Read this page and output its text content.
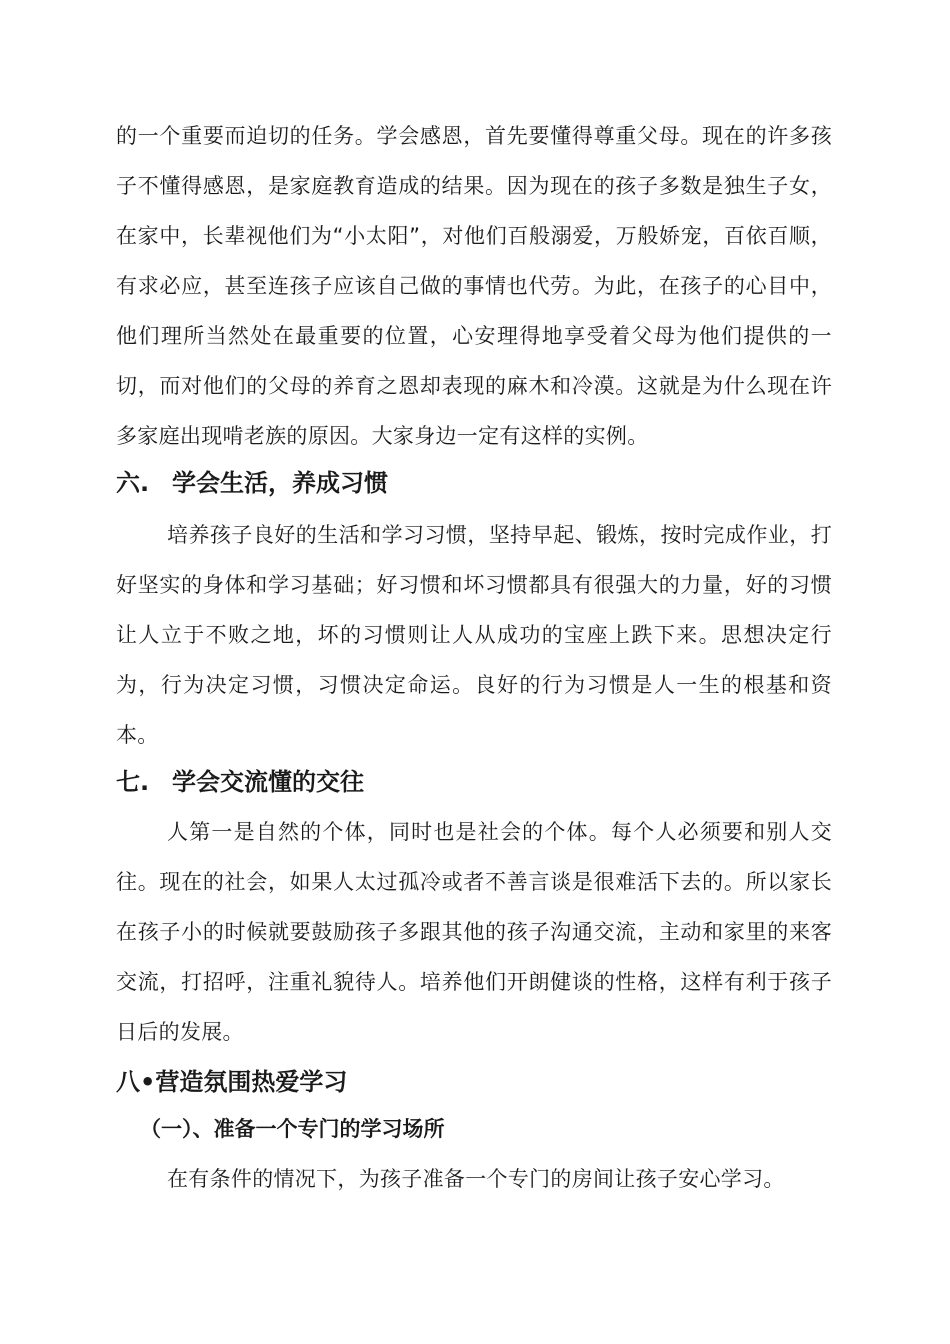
的一个重要而迫切的任务。学会感恩，首先要懂得尊重父母。现在的许多孩子不懂得感恩，是家庭教育造成的结果。因为现在的孩子多数是独生子女，在家中，长辈视他们为“小太阳”，对他们百般溺爱，万般娇宠，百依百顺，有求必应，甚至连孩子应该自己做的事情也代劳。为此，在孩子的心目中，他们理所当然处在最重要的位置，心安理得地享受着父母为他们提供的一切，而对他们的父母的养育之恩却表现的麻木和冷漠。这就是为什么现在许多家庭出现啃老族的原因。大家身边一定有这样的实例。

六. 学会生活，养成习惯

培养孩子良好的生活和学习习惯，坚持早起、锻炼，按时完成作业，打好坚实的身体和学习基础；好习惯和坏习惯都具有很强大的力量，好的习惯让人立于不败之地，坏的习惯则让人从成功的宝座上跌下来。思想决定行为，行为决定习惯，习惯决定命运。良好的行为习惯是人一生的根基和资本。

七. 学会交流懂的交往

人第一是自然的个体，同时也是社会的个体。每个人必须要和别人交往。现在的社会，如果人太过孤冷或者不善言谈是很难活下去的。所以家长在孩子小的时候就要鼓励孩子多跟其他的孩子沟通交流，主动和家里的来客交流，打招呼，注重礼貌待人。培养他们开朗健谈的性格，这样有利于孩子日后的发展。

八•营造氛围热爱学习
（一）、准备一个专门的学习场所

在有条件的情况下，为孩子准备一个专门的房间让孩子安心学习。
